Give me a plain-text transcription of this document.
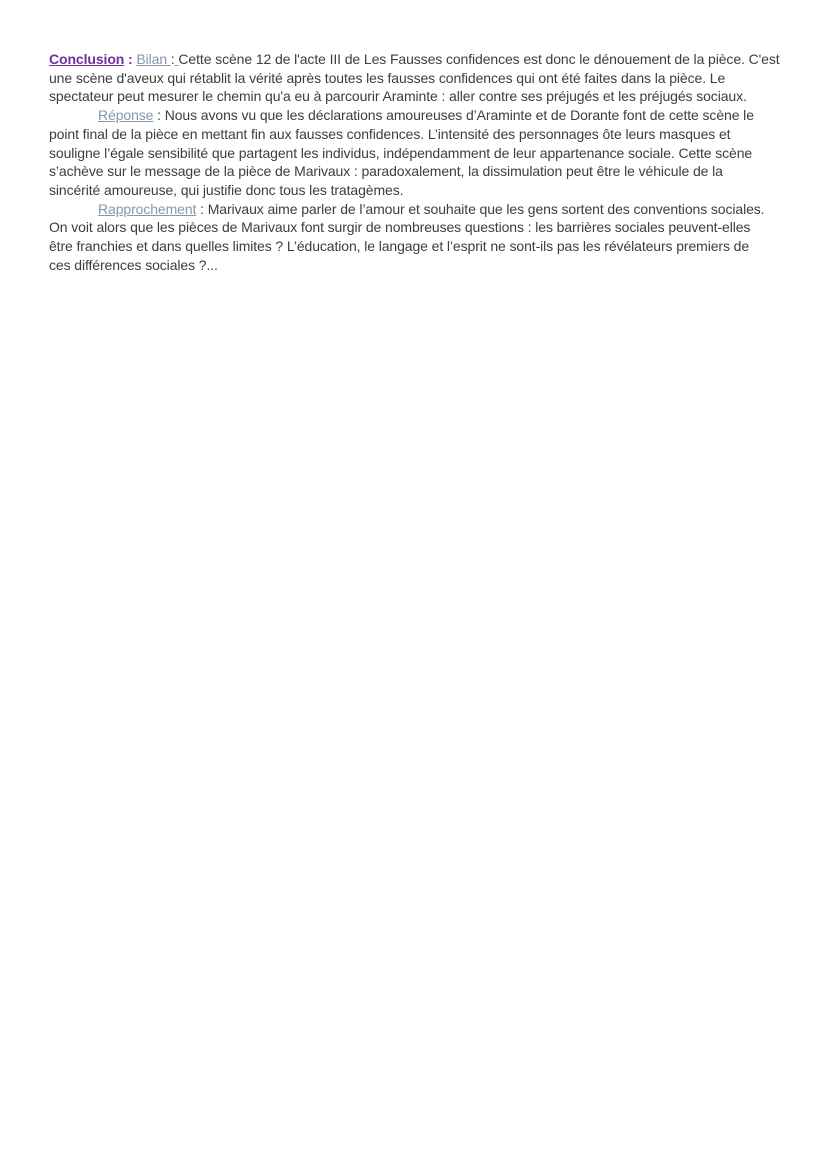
Conclusion : Bilan : Cette scène 12 de l'acte III de Les Fausses confidences est donc le dénouement de la pièce. C'est
une scène d'aveux qui rétablit la vérité après toutes les fausses confidences qui ont été faites dans la pièce. Le
spectateur peut mesurer le chemin qu'a eu à parcourir Araminte : aller contre ses préjugés et les préjugés sociaux.
Réponse : Nous avons vu que les déclarations amoureuses d’Araminte et de Dorante font de cette scène le
point final de la pièce en mettant fin aux fausses confidences. L’intensité des personnages ôte leurs masques et
souligne l’égale sensibilité que partagent les individus, indépendamment de leur appartenance sociale. Cette scène
s’achève sur le message de la pièce de Marivaux : paradoxalement, la dissimulation peut être le véhicule de la
sincérité amoureuse, qui justifie donc tous les tratagèmes.
Rapprochement : Marivaux aime parler de l’amour et souhaite que les gens sortent des conventions sociales.
On voit alors que les pièces de Marivaux font surgir de nombreuses questions : les barrières sociales peuvent-elles
être franchies et dans quelles limites ? L’éducation, le langage et l’esprit ne sont-ils pas les révélateurs premiers de
ces différences sociales ?...
